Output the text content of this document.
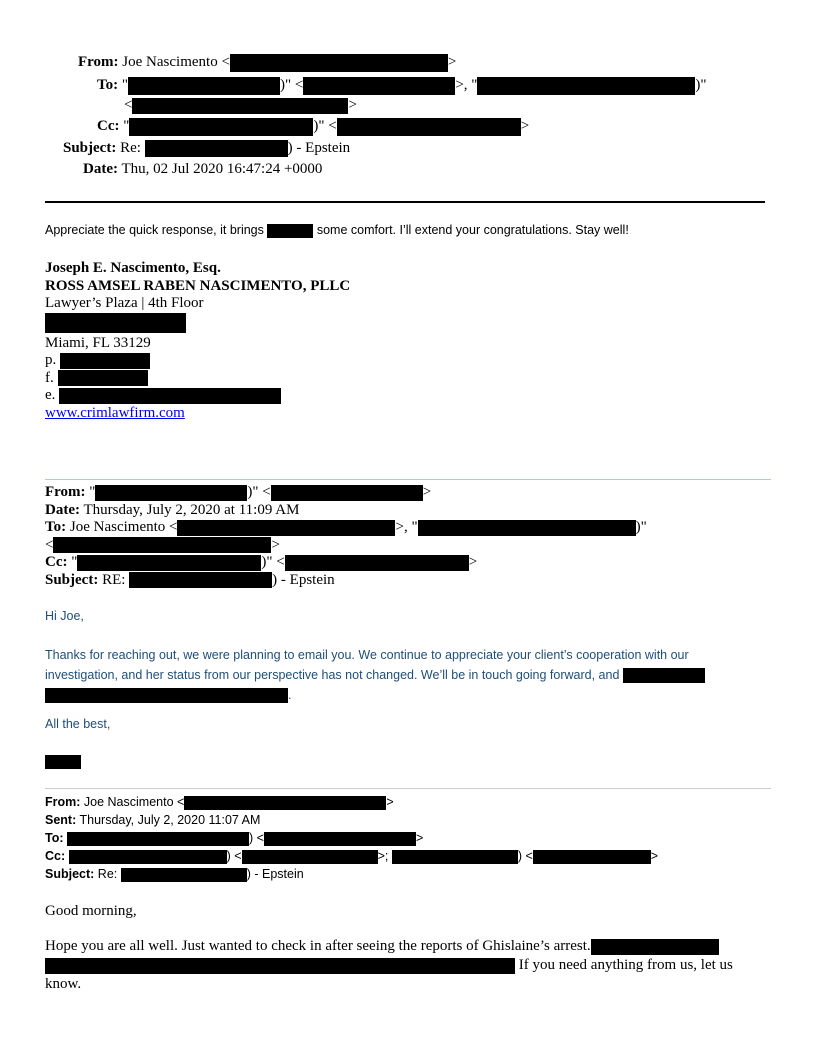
From: Joe Nascimento <	>
To: "	)" <	>, "	)"
<	>
Cc: "	)" <	>
Subject: Re:	) - Epstein
Date: Thu, 02 Jul 2020 16:47:24 +0000
Appreciate the quick response, it brings	some comfort. I’ll extend your congratulations. Stay well!
Joseph E. Nascimento, Esq.
ROSS AMSEL RABEN NASCIMENTO, PLLC
Lawyer’s Plaza | 4th Floor
Miami, FL 33129
p.
f.
e.
www.crimlawfirm.com
From: "	)" <	>
Date: Thursday, July 2, 2020 at 11:09 AM
To: Joe Nascimento <	>, "	)"
<	>
Cc: "	)" <	>
Subject: RE:	) - Epstein
Hi Joe,
Thanks for reaching out, we were planning to email you. We continue to appreciate your client’s cooperation with our investigation, and her status from our perspective has not changed. We’ll be in touch going forward, and  .
All the best,
From: Joe Nascimento <	>
Sent: Thursday, July 2, 2020 11:07 AM
To:	) <	>
Cc:	) <	>;	) <	>
Subject: Re:	) - Epstein
Good morning,
Hope you are all well. Just wanted to check in after seeing the reports of Ghislaine’s arrest.
If you need anything from us, let us
know.
